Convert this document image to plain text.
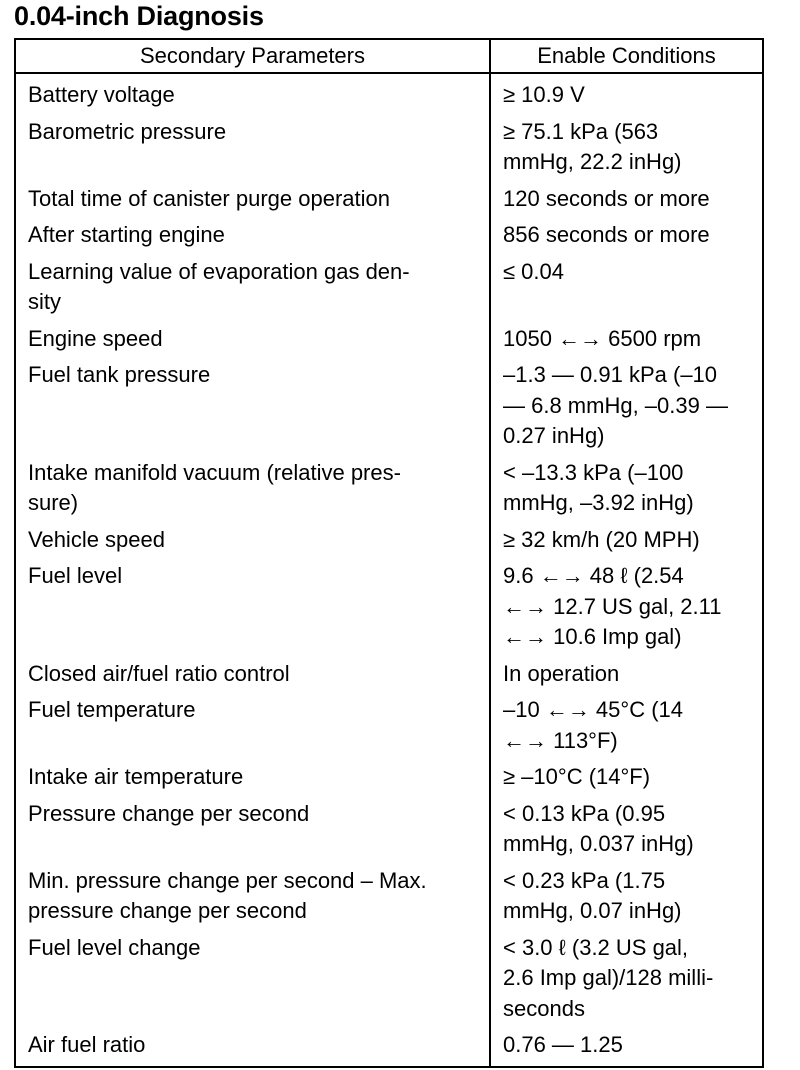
0.04-inch Diagnosis
Secondary Parameters	Enable Conditions
Battery voltage	≥ 10.9 V
Barometric pressure	≥ 75.1 kPa (563
mmHg, 22.2 inHg)
Total time of canister purge operation	120 seconds or more
After starting engine	856 seconds or more
Learning value of evaporation gas den-
sity	≤ 0.04
Engine speed	1050 ←→ 6500 rpm
Fuel tank pressure	–1.3 — 0.91 kPa (–10
— 6.8 mmHg, –0.39 —
0.27 inHg)
Intake manifold vacuum (relative pres-
sure)	< –13.3 kPa (–100
mmHg, –3.92 inHg)
Vehicle speed	≥ 32 km/h (20 MPH)
Fuel level	9.6 ←→ 48 ℓ (2.54
←→ 12.7 US gal, 2.11
←→ 10.6 Imp gal)
Closed air/fuel ratio control	In operation
Fuel temperature	–10 ←→ 45°C (14
←→ 113°F)
Intake air temperature	≥ –10°C (14°F)
Pressure change per second	< 0.13 kPa (0.95
mmHg, 0.037 inHg)
Min. pressure change per second – Max.
pressure change per second	< 0.23 kPa (1.75
mmHg, 0.07 inHg)
Fuel level change	< 3.0 ℓ (3.2 US gal,
2.6 Imp gal)/128 milli-
seconds
Air fuel ratio	0.76 — 1.25
